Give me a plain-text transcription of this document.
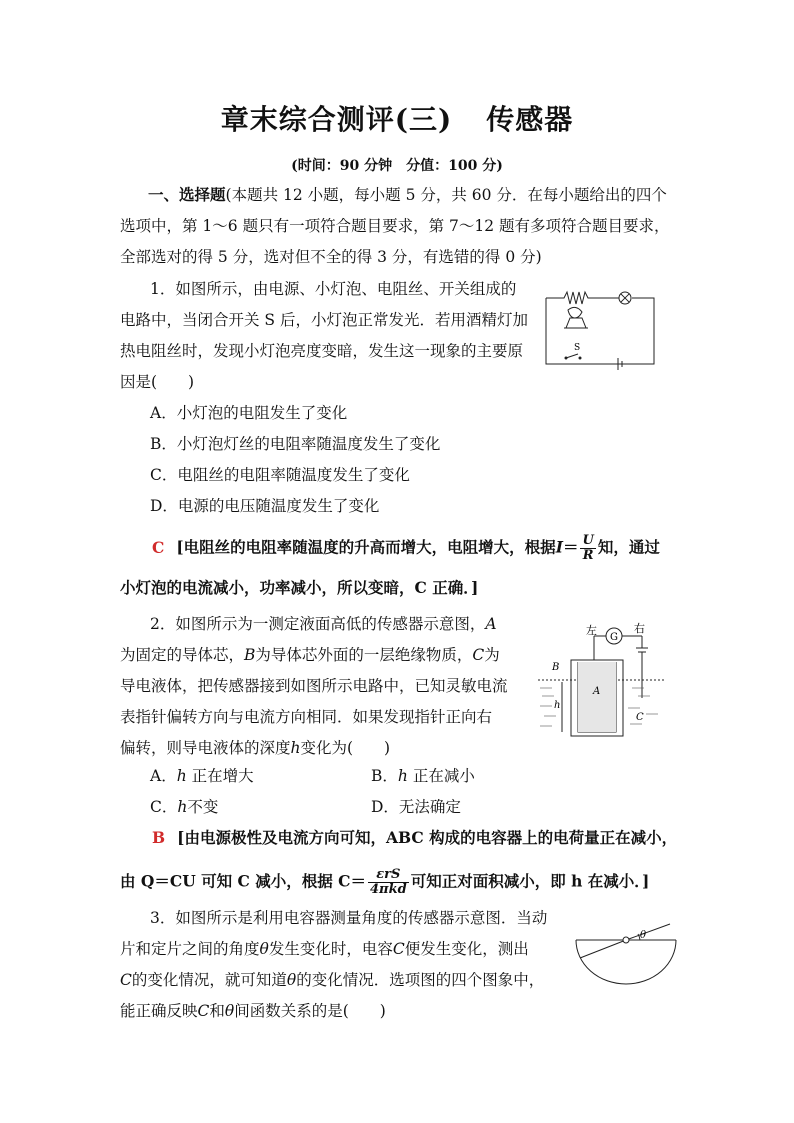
章末综合测评(三) 传感器
(时间：90 分钟　分值：100 分)
一、选择题(本题共 12 小题，每小题 5 分，共 60 分．在每小题给出的四个
选项中，第 1～6 题只有一项符合题目要求，第 7～12 题有多项符合题目要求，
全部选对的得 5 分，选对但不全的得 3 分，有选错的得 0 分)
1．如图所示，由电源、小灯泡、电阻丝、开关组成的
电路中，当闭合开关 S 后，小灯泡正常发光．若用酒精灯加
热电阻丝时，发现小灯泡亮度变暗，发生这一现象的主要原
因是(　　)
A．小灯泡的电阻发生了变化
B．小灯泡灯丝的电阻率随温度发生了变化
C．电阻丝的电阻率随温度发生了变化
D．电源的电压随温度发生了变化
C [电阻丝的电阻率随温度的升高而增大，电阻增大，根据$I= \frac{U}{R}$ 知，通过
小灯泡的电流减小，功率减小，所以变暗，C 正确．]
S
2．如图所示为一测定液面高低的传感器示意图，A
为固定的导体芯，B为导体芯外面的一层绝缘物质，C为
导电液体，把传感器接到如图所示电路中，已知灵敏电流
表指针偏转方向与电流方向相同．如果发现指针正向右
偏转，则导电液体的深度h变化为(　　)
A．h 正在增大	B．h 正在减小
C．h不变	D．无法确定
B [由电源极性及电流方向可知，ABC 构成的电容器上的电荷量正在减小，
由 Q＝CU 可知 C 减小，根据 $C= \frac{\text{εrS}}{\text{4πkd}}$ 可知正对面积减小，即 h 在减小．]
左	右
G
A
B
C
h
3．如图所示是利用电容器测量角度的传感器示意图．当动
片和定片之间的角度θ发生变化时，电容C便发生变化，测出
C的变化情况，就可知道θ的变化情况．选项图的四个图象中，
能正确反映C和θ间函数关系的是(　　)
θ
